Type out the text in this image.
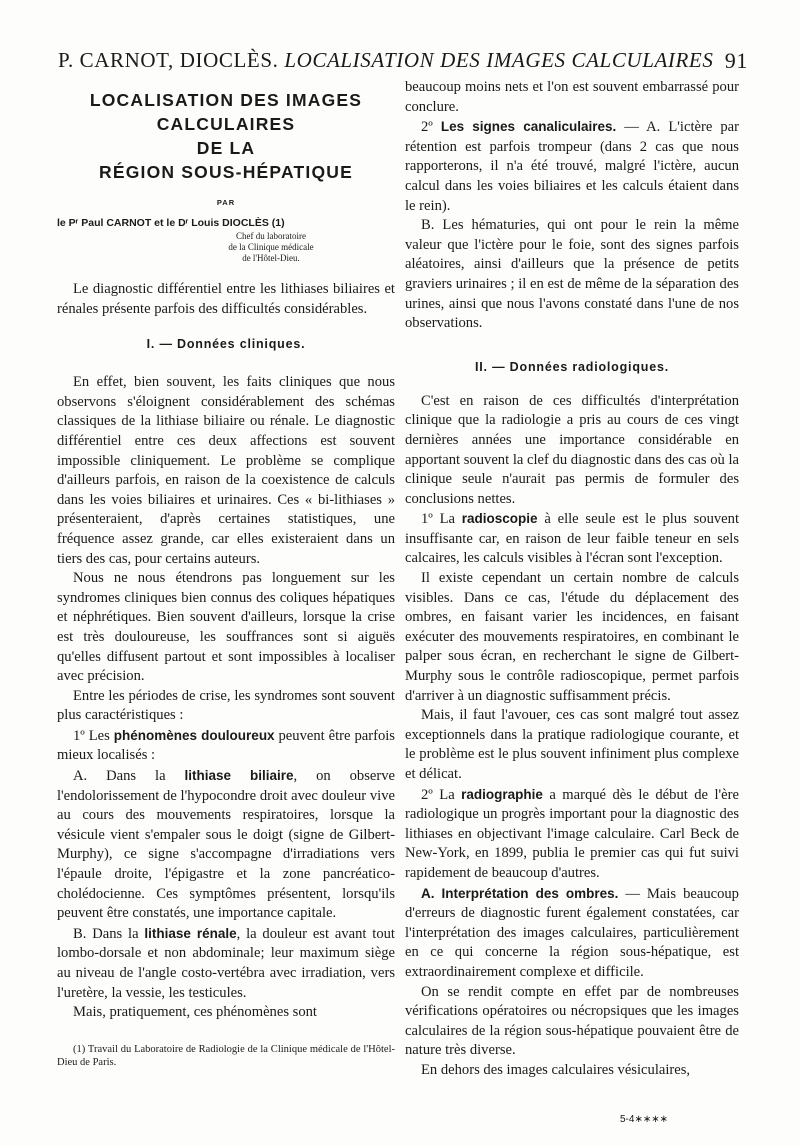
P. CARNOT, DIOCLÈS. LOCALISATION DES IMAGES CALCULAIRES 91
LOCALISATION DES IMAGES
CALCULAIRES
DE LA
RÉGION SOUS-HÉPATIQUE
PAR
le Pʳ Paul CARNOT et le Dʳ Louis DIOCLÈS (1)
Chef du laboratoire
de la Clinique médicale
de l'Hôtel-Dieu.

Le diagnostic différentiel entre les lithiases biliaires et rénales présente parfois des difficultés considérables.

I. — Données cliniques.

En effet, bien souvent, les faits cliniques que nous observons s'éloignent considérablement des schémas classiques de la lithiase biliaire ou rénale. Le diagnostic différentiel entre ces deux affections est souvent impossible cliniquement. Le problème se complique d'ailleurs parfois, en raison de la coexistence de calculs dans les voies biliaires et urinaires. Ces « bi-lithiases » présenteraient, d'après certaines statistiques, une fréquence assez grande, car elles existeraient dans un tiers des cas, pour certains auteurs.

Nous ne nous étendrons pas longuement sur les syndromes cliniques bien connus des coliques hépatiques et néphrétiques. Bien souvent d'ailleurs, lorsque la crise est très douloureuse, les souffrances sont si aiguës qu'elles diffusent partout et sont impossibles à localiser avec précision.

Entre les périodes de crise, les syndromes sont souvent plus caractéristiques :

1º Les phénomènes douloureux peuvent être parfois mieux localisés :

A. Dans la lithiase biliaire, on observe l'endolorissement de l'hypocondre droit avec douleur vive au cours des mouvements respiratoires, lorsque la vésicule vient s'empaler sous le doigt (signe de Gilbert-Murphy), ce signe s'accompagne d'irradiations vers l'épaule droite, l'épigastre et la zone pancréatico-cholédocienne. Ces symptômes présentent, lorsqu'ils peuvent être constatés, une importance capitale.

B. Dans la lithiase rénale, la douleur est avant tout lombo-dorsale et non abdominale; leur maximum siège au niveau de l'angle costo-vertébra avec irradiation, vers l'uretère, la vessie, les testicules.

Mais, pratiquement, ces phénomènes sont

(1) Travail du Laboratoire de Radiologie de la Clinique médicale de l'Hôtel-Dieu de Paris.

beaucoup moins nets et l'on est souvent embarrassé pour conclure.

2º Les signes canaliculaires. — A. L'ictère par rétention est parfois trompeur (dans 2 cas que nous rapporterons, il n'a été trouvé, malgré l'ictère, aucun calcul dans les voies biliaires et les calculs étaient dans le rein).

B. Les hématuries, qui ont pour le rein la même valeur que l'ictère pour le foie, sont des signes parfois aléatoires, ainsi d'ailleurs que la présence de petits graviers urinaires ; il en est de même de la séparation des urines, ainsi que nous l'avons constaté dans l'une de nos observations.

II. — Données radiologiques.

C'est en raison de ces difficultés d'interprétation clinique que la radiologie a pris au cours de ces vingt dernières années une importance considérable en apportant souvent la clef du diagnostic dans des cas où la clinique seule n'aurait pas permis de formuler des conclusions nettes.

1º La radioscopie à elle seule est le plus souvent insuffisante car, en raison de leur faible teneur en sels calcaires, les calculs visibles à l'écran sont l'exception.

Il existe cependant un certain nombre de calculs visibles. Dans ce cas, l'étude du déplacement des ombres, en faisant varier les incidences, en faisant exécuter des mouvements respiratoires, en combinant le palper sous écran, en recherchant le signe de Gilbert-Murphy sous le contrôle radioscopique, permet parfois d'arriver à un diagnostic suffisamment précis.

Mais, il faut l'avouer, ces cas sont malgré tout assez exceptionnels dans la pratique radiologique courante, et le problème est le plus souvent infiniment plus complexe et délicat.

2º La radiographie a marqué dès le début de l'ère radiologique un progrès important pour la diagnostic des lithiases en objectivant l'image calculaire. Carl Beck de New-York, en 1899, publia le premier cas qui fut suivi rapidement de beaucoup d'autres.

A. Interprétation des ombres. — Mais beaucoup d'erreurs de diagnostic furent également constatées, car l'interprétation des images calculaires, particulièrement en ce qui concerne la région sous-hépatique, est extraordinairement complexe et difficile.

On se rendit compte en effet par de nombreuses vérifications opératoires ou nécropsiques que les images calculaires de la région sous-hépatique pouvaient être de nature très diverse.

En dehors des images calculaires vésiculaires,

5-4∗∗∗∗
